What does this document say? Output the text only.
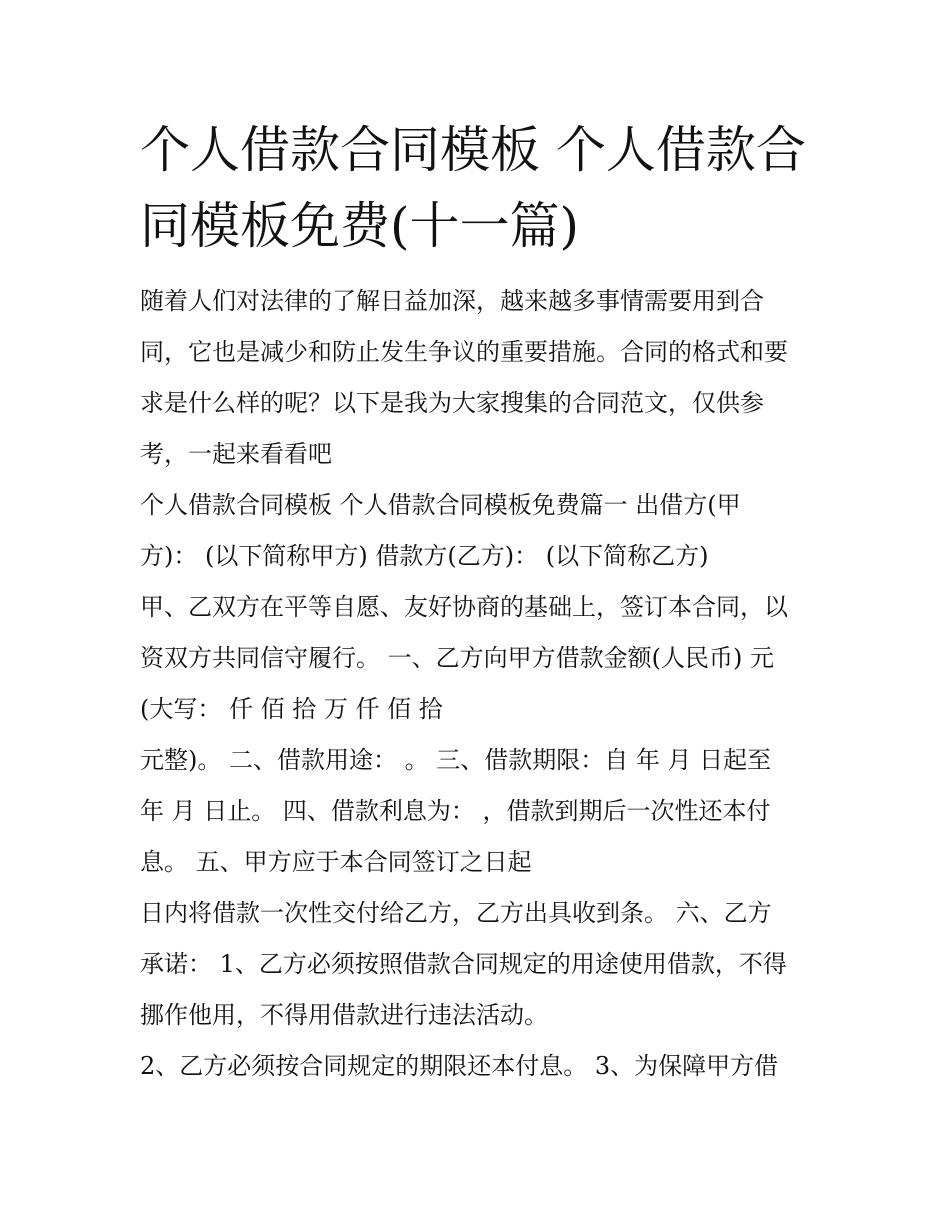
个人借款合同模板 个人借款合
同模板免费(十一篇)
随着人们对法律的了解日益加深，越来越多事情需要用到合
同，它也是减少和防止发生争议的重要措施。合同的格式和要
求是什么样的呢？以下是我为大家搜集的合同范文，仅供参
考，一起来看看吧
个人借款合同模板 个人借款合同模板免费篇一 出借方(甲
方)： (以下简称甲方) 借款方(乙方)： (以下简称乙方)
甲、乙双方在平等自愿、友好协商的基础上，签订本合同，以
资双方共同信守履行。 一、乙方向甲方借款金额(人民币) 元
(大写： 仟 佰 拾 万 仟 佰 拾
元整)。 二、借款用途： 。 三、借款期限：自 年 月 日起至
年 月 日止。 四、借款利息为： ，借款到期后一次性还本付
息。 五、甲方应于本合同签订之日起
日内将借款一次性交付给乙方，乙方出具收到条。 六、乙方
承诺： 1、乙方必须按照借款合同规定的用途使用借款，不得
挪作他用，不得用借款进行违法活动。
2、乙方必须按合同规定的期限还本付息。 3、为保障甲方借
